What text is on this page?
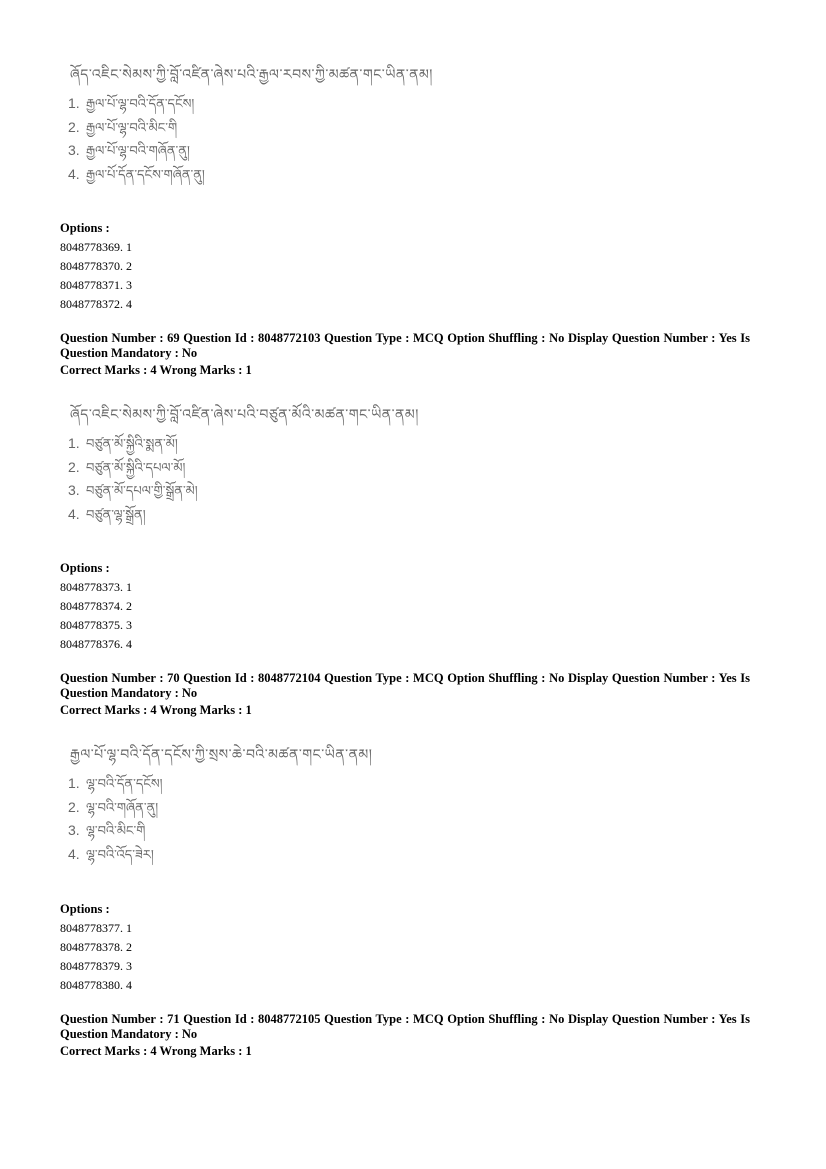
ཞོད་འཇིང་སེམས་ཀྱི་བློ་འཛིན་ཞེས་པའི་རྒྱལ་རབས་ཀྱི་མཚན་གང་ཡིན་ནམ།
1. རྒྱལ་པོ་ལྷ་བའི་དོན་དངོས།
2. རྒྱལ་པོ་ལྷ་བའི་མིང་གི
3. རྒྱལ་པོ་ལྷ་བའི་གཞོན་ནུ།
4. རྒྱལ་པོ་དོན་དངོས་གཞོན་ནུ།
Options :
8048778369. 1
8048778370. 2
8048778371. 3
8048778372. 4
Question Number : 69 Question Id : 8048772103 Question Type : MCQ Option Shuffling : No Display Question Number : Yes Is Question Mandatory : No
Correct Marks : 4 Wrong Marks : 1
ཞོད་འཇིང་སེམས་ཀྱི་བློ་འཛིན་ཞེས་པའི་བཙུན་མོའི་མཚན་གང་ཡིན་ནམ།
1. བཙུན་མོ་སྐྱིའི་སྨན་མོ།
2. བཙུན་མོ་སྐྱིའི་དཔལ་མོ།
3. བཙུན་མོ་དཔལ་གྱི་སྒྲོན་མེ།
4. བཙུན་ལྷ་སྒྲོན།
Options :
8048778373. 1
8048778374. 2
8048778375. 3
8048778376. 4
Question Number : 70 Question Id : 8048772104 Question Type : MCQ Option Shuffling : No Display Question Number : Yes Is Question Mandatory : No
Correct Marks : 4 Wrong Marks : 1
རྒྱལ་པོ་ལྷ་བའི་དོན་དངོས་ཀྱི་སྲས་ཆེ་བའི་མཚན་གང་ཡིན་ནམ།
1. ལྷ་བའི་དོན་དངོས།
2. ལྷ་བའི་གཞོན་ནུ།
3. ལྷ་བའི་མིང་གི
4. ལྷ་བའི་འོད་ཟེར།
Options :
8048778377. 1
8048778378. 2
8048778379. 3
8048778380. 4
Question Number : 71 Question Id : 8048772105 Question Type : MCQ Option Shuffling : No Display Question Number : Yes Is Question Mandatory : No
Correct Marks : 4 Wrong Marks : 1
